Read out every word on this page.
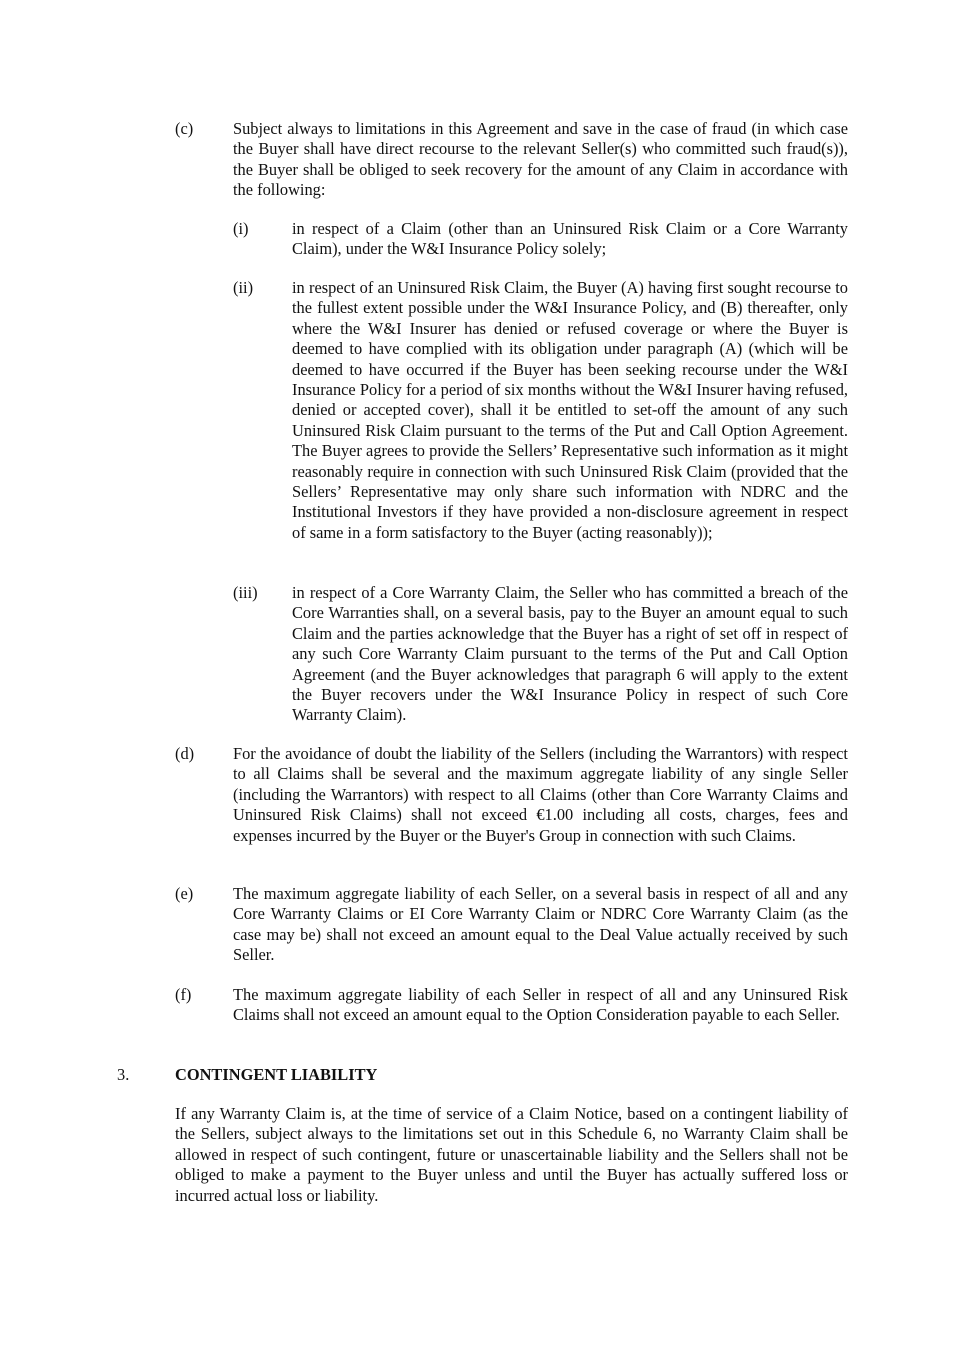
(c) Subject always to limitations in this Agreement and save in the case of fraud (in which case the Buyer shall have direct recourse to the relevant Seller(s) who committed such fraud(s)), the Buyer shall be obliged to seek recovery for the amount of any Claim in accordance with the following:
(i)	in respect of a Claim (other than an Uninsured Risk Claim or a Core Warranty Claim), under the W&I Insurance Policy solely;
(ii) in respect of an Uninsured Risk Claim, the Buyer (A) having first sought recourse to the fullest extent possible under the W&I Insurance Policy, and (B) thereafter, only where the W&I Insurer has denied or refused coverage or where the Buyer is deemed to have complied with its obligation under paragraph (A) (which will be deemed to have occurred if the Buyer has been seeking recourse under the W&I Insurance Policy for a period of six months without the W&I Insurer having refused, denied or accepted cover), shall it be entitled to set-off the amount of any such Uninsured Risk Claim pursuant to the terms of the Put and Call Option Agreement. The Buyer agrees to provide the Sellers’ Representative such information as it might reasonably require in connection with such Uninsured Risk Claim (provided that the Sellers’ Representative may only share such information with NDRC and the Institutional Investors if they have provided a non-disclosure agreement in respect of same in a form satisfactory to the Buyer (acting reasonably));
(iii) in respect of a Core Warranty Claim, the Seller who has committed a breach of the Core Warranties shall, on a several basis, pay to the Buyer an amount equal to such Claim and the parties acknowledge that the Buyer has a right of set off in respect of any such Core Warranty Claim pursuant to the terms of the Put and Call Option Agreement (and the Buyer acknowledges that paragraph 6 will apply to the extent the Buyer recovers under the W&I Insurance Policy in respect of such Core Warranty Claim).
(d) For the avoidance of doubt the liability of the Sellers (including the Warrantors) with respect to all Claims shall be several and the maximum aggregate liability of any single Seller (including the Warrantors) with respect to all Claims (other than Core Warranty Claims and Uninsured Risk Claims) shall not exceed €1.00 including all costs, charges, fees and expenses incurred by the Buyer or the Buyer's Group in connection with such Claims.
(e) The maximum aggregate liability of each Seller, on a several basis in respect of all and any Core Warranty Claims or EI Core Warranty Claim or NDRC Core Warranty Claim (as the case may be) shall not exceed an amount equal to the Deal Value actually received by such Seller.
(f)	The maximum aggregate liability of each Seller in respect of all and any Uninsured Risk Claims shall not exceed an amount equal to the Option Consideration payable to each Seller.
3.	CONTINGENT LIABILITY
If any Warranty Claim is, at the time of service of a Claim Notice, based on a contingent liability of the Sellers, subject always to the limitations set out in this Schedule 6, no Warranty Claim shall be allowed in respect of such contingent, future or unascertainable liability and the Sellers shall not be obliged to make a payment to the Buyer unless and until the Buyer has actually suffered loss or incurred actual loss or liability.
